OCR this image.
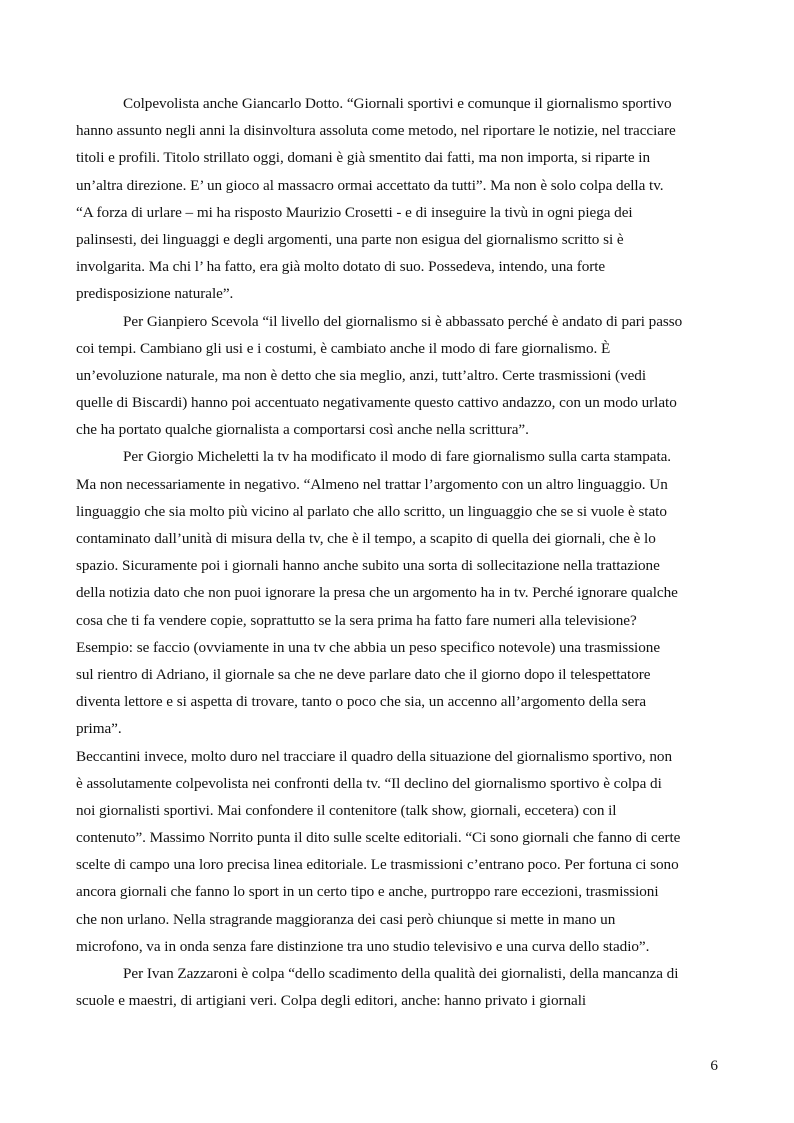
Colpevolista anche Giancarlo Dotto. “Giornali sportivi e comunque il giornalismo sportivo
hanno assunto negli anni la disinvoltura assoluta come metodo, nel riportare le notizie, nel tracciare
titoli e profili. Titolo strillato oggi, domani è già smentito dai fatti, ma non importa, si riparte in
un’altra direzione. E’ un gioco al massacro ormai accettato da tutti”. Ma non è solo colpa della tv.
“A forza di urlare – mi ha risposto Maurizio Crosetti - e di inseguire la tivù in ogni piega dei
palinsesti, dei linguaggi e degli argomenti, una parte non esigua del giornalismo scritto si è
involgarita. Ma chi l’ ha fatto, era già molto dotato di suo. Possedeva, intendo, una forte
predisposizione naturale”.
Per Gianpiero Scevola “il livello del giornalismo si è abbassato perché è andato di pari passo
coi tempi. Cambiano gli usi e i costumi, è cambiato anche il modo di fare giornalismo. È
un’evoluzione naturale, ma non è detto che sia meglio, anzi, tutt’altro. Certe trasmissioni (vedi
quelle di Biscardi) hanno poi accentuato negativamente questo cattivo andazzo, con un modo urlato
che ha portato qualche giornalista a comportarsi così anche nella scrittura”.
Per Giorgio Micheletti la tv ha modificato il modo di fare giornalismo sulla carta stampata.
Ma non necessariamente in negativo. “Almeno nel trattar l’argomento con un altro linguaggio. Un
linguaggio che sia molto più vicino al parlato che allo scritto, un linguaggio che se si vuole è stato
contaminato dall’unità di misura della tv, che è il tempo, a scapito di quella dei giornali, che è lo
spazio. Sicuramente poi i giornali hanno anche subito una sorta di sollecitazione nella trattazione
della notizia dato che non puoi ignorare la presa che un argomento ha in tv. Perché ignorare qualche
cosa che ti fa vendere copie, soprattutto se la sera prima ha fatto fare numeri alla televisione?
Esempio: se faccio (ovviamente in una tv che abbia un peso specifico notevole) una trasmissione
sul rientro di Adriano, il giornale sa che ne deve parlare dato che il giorno dopo il telespettatore
diventa lettore e si aspetta di trovare, tanto o poco che sia, un accenno all’argomento della sera
prima”.
Beccantini invece, molto duro nel tracciare il quadro della situazione del giornalismo sportivo, non
è assolutamente colpevolista nei confronti della tv. “Il declino del giornalismo sportivo è colpa di
noi giornalisti sportivi. Mai confondere il contenitore (talk show, giornali, eccetera) con il
contenuto”. Massimo Norrito punta il dito sulle scelte editoriali. “Ci sono giornali che fanno di certe
scelte di campo una loro precisa linea editoriale. Le trasmissioni c’entrano poco. Per fortuna ci sono
ancora giornali che fanno lo sport in un certo tipo e anche, purtroppo rare eccezioni, trasmissioni
che non urlano. Nella stragrande maggioranza dei casi però chiunque si mette in mano un
microfono, va in onda senza fare distinzione tra uno studio televisivo e una curva dello stadio”.
Per Ivan Zazzaroni è colpa “dello scadimento della qualità dei giornalisti, della mancanza di
scuole e maestri, di artigiani veri. Colpa degli editori, anche: hanno privato i giornali
6
